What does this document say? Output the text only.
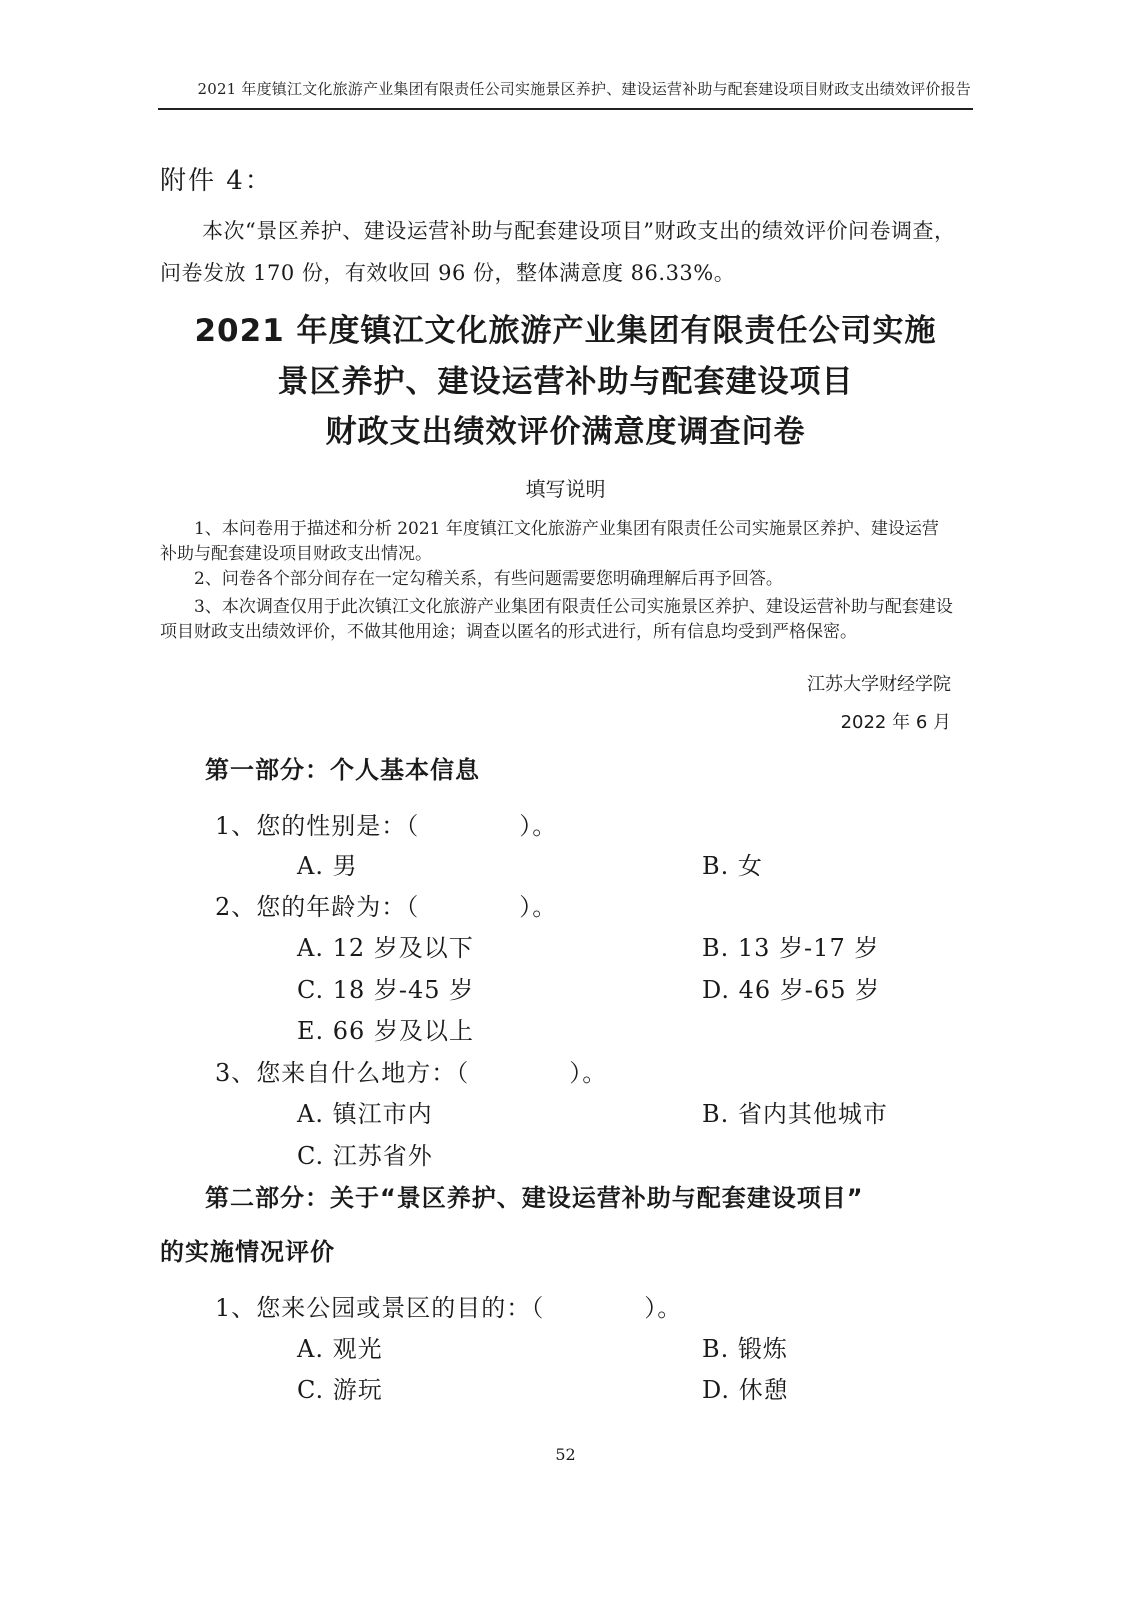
2021 年度镇江文化旅游产业集团有限责任公司实施景区养护、建设运营补助与配套建设项目财政支出绩效评价报告
附件 4：
本次“景区养护、建设运营补助与配套建设项目”财政支出的绩效评价问卷调查，问卷发放 170 份，有效收回 96 份，整体满意度 86.33%。
2021 年度镇江文化旅游产业集团有限责任公司实施
景区养护、建设运营补助与配套建设项目
财政支出绩效评价满意度调查问卷
填写说明
1、本问卷用于描述和分析 2021 年度镇江文化旅游产业集团有限责任公司实施景区养护、建设运营补助与配套建设项目财政支出情况。
2、问卷各个部分间存在一定勾稽关系，有些问题需要您明确理解后再予回答。
3、本次调查仅用于此次镇江文化旅游产业集团有限责任公司实施景区养护、建设运营补助与配套建设项目财政支出绩效评价，不做其他用途；调查以匿名的形式进行，所有信息均受到严格保密。
江苏大学财经学院
2022 年 6 月
第一部分：个人基本信息
1、您的性别是：（　　　　）。
A. 男	B. 女
2、您的年龄为：（　　　　）。
A. 12 岁及以下	B. 13 岁-17 岁
C. 18 岁-45 岁	D. 46 岁-65 岁
E. 66 岁及以上
3、您来自什么地方：（　　　　）。
A. 镇江市内	B. 省内其他城市
C. 江苏省外
第二部分：关于“景区养护、建设运营补助与配套建设项目”
的实施情况评价
1、您来公园或景区的目的：（　　　　）。
A. 观光	B. 锻炼
C. 游玩	D. 休憩
52
